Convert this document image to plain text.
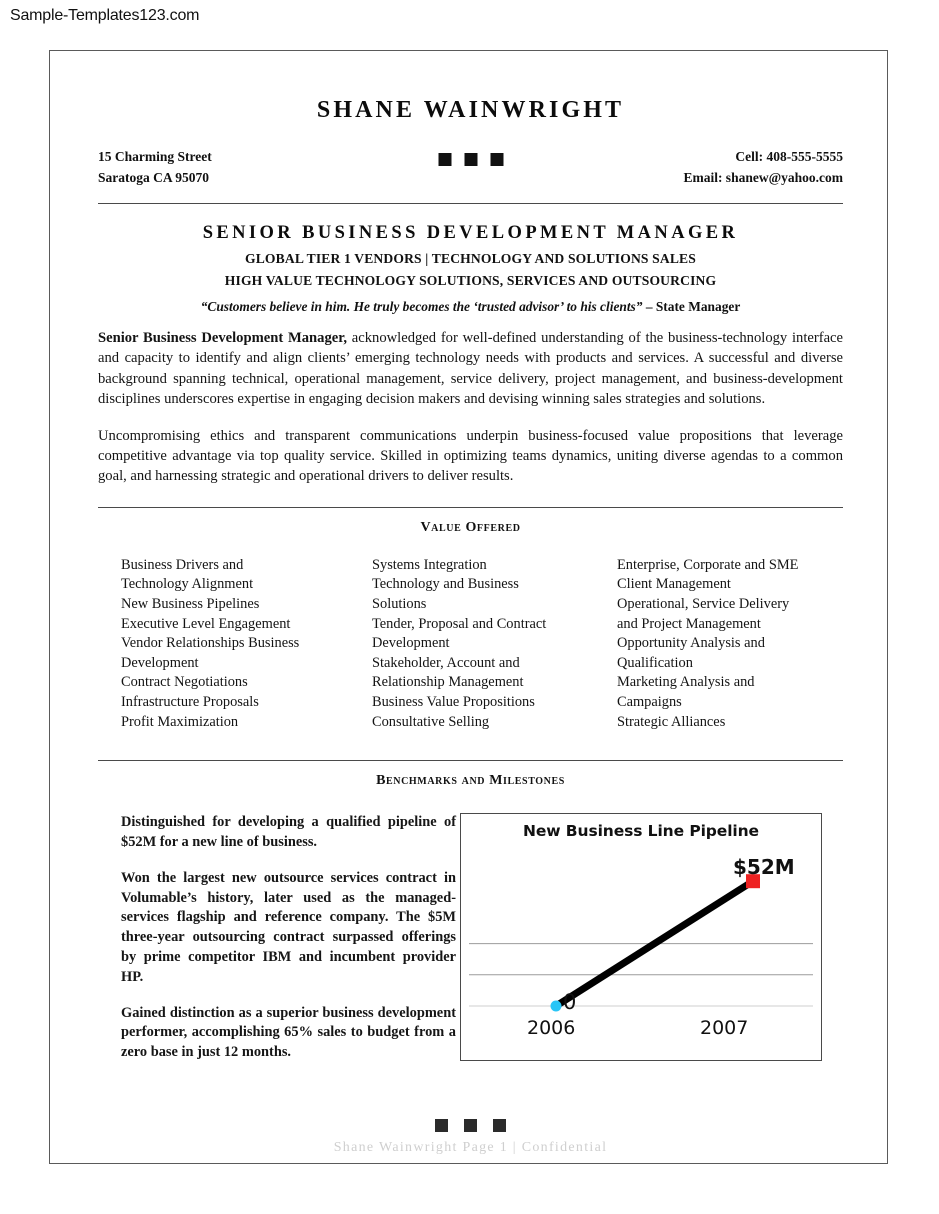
Sample-Templates123.com
SHANE WAINWRIGHT
15 Charming Street
Saratoga CA 95070
Cell: 408-555-5555
Email: shanew@yahoo.com
SENIOR BUSINESS DEVELOPMENT MANAGER
GLOBAL TIER 1 VENDORS | TECHNOLOGY AND SOLUTIONS SALES
HIGH VALUE TECHNOLOGY SOLUTIONS, SERVICES AND OUTSOURCING
“Customers believe in him. He truly becomes the ‘trusted advisor’ to his clients” – State Manager
Senior Business Development Manager, acknowledged for well-defined understanding of the business-technology interface and capacity to identify and align clients’ emerging technology needs with products and services. A successful and diverse background spanning technical, operational management, service delivery, project management, and business-development disciplines underscores expertise in engaging decision makers and devising winning sales strategies and solutions.
Uncompromising ethics and transparent communications underpin business-focused value propositions that leverage competitive advantage via top quality service. Skilled in optimizing teams dynamics, uniting diverse agendas to a common goal, and harnessing strategic and operational drivers to deliver results.
Value Offered
Business Drivers and
Technology Alignment
New Business Pipelines
Executive Level Engagement
Vendor Relationships Business
Development
Contract Negotiations
Infrastructure Proposals
Profit Maximization
Systems Integration
Technology and Business
Solutions
Tender, Proposal and Contract
Development
Stakeholder, Account and
Relationship Management
Business Value Propositions
Consultative Selling
Enterprise, Corporate and SME
Client Management
Operational, Service Delivery
and Project Management
Opportunity Analysis and
Qualification
Marketing Analysis and
Campaigns
Strategic Alliances
Benchmarks and Milestones
Distinguished for developing a qualified pipeline of $52M for a new line of business.
Won the largest new outsource services contract in Volumable’s history, later used as the managed-services flagship and reference company. The $5M three-year outsourcing contract surpassed offerings by prime competitor IBM and incumbent provider HP.
Gained distinction as a superior business development performer, accomplishing 65% sales to budget from a zero base in just 12 months.
New Business Line Pipeline
0
$52M
2006	2007
Shane Wainwright Page 1 | Confidential
